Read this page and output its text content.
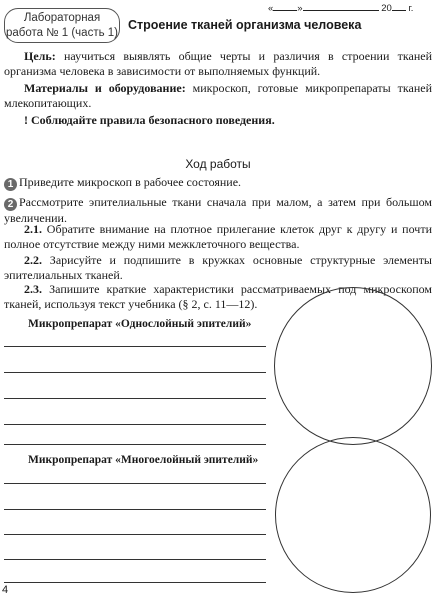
«	»	20 г.
Лабораторная
работа № 1 (часть 1)
Строение тканей организма человека
Цель: научиться выявлять общие черты и различия в строении тканей организма человека в зависимости от выполняемых функций.
Материалы и оборудование: микроскоп, готовые микропрепараты тканей млекопитающих.
! Соблюдайте правила безопасного поведения.
Ход работы
1 Приведите микроскоп в рабочее состояние.
2 Рассмотрите эпителиальные ткани сначала при малом, а затем при большом увеличении.
2.1. Обратите внимание на плотное прилегание клеток друг к другу и почти полное отсутствие между ними межклеточного вещества.
2.2. Зарисуйте и подпишите в кружках основные структурные элементы эпителиальных тканей.
2.3. Запишите краткие характеристики рассматриваемых под микроскопом тканей, используя текст учебника (§ 2, с. 11—12).
Микропрепарат «Однослойный эпителий»
Микропрепарат «Многоелойный эпителий»
4
